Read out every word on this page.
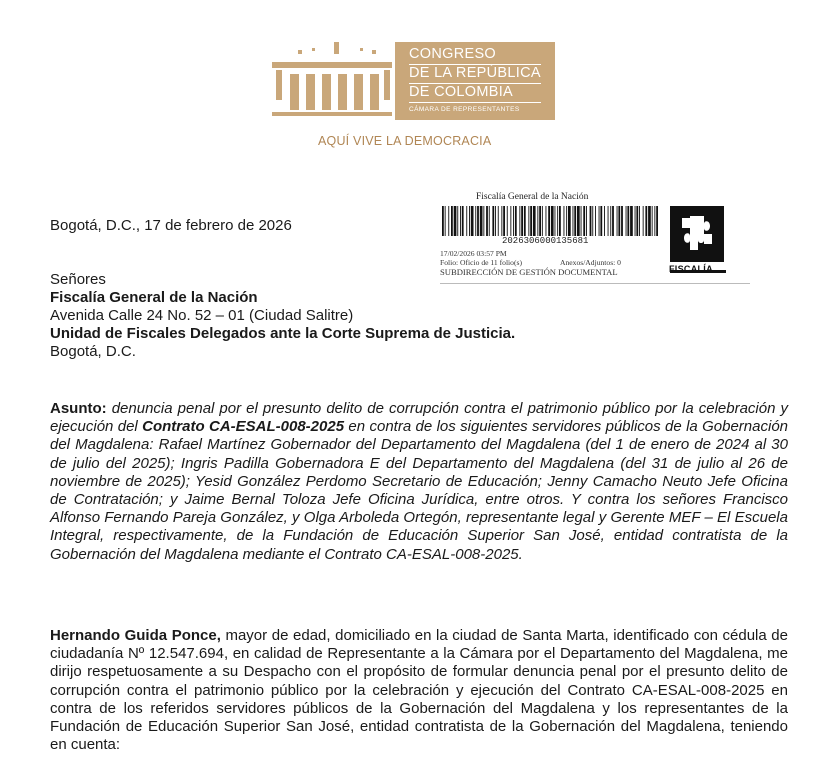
CONGRESO
DE LA REPÚBLICA
DE COLOMBIA
CÁMARA DE REPRESENTANTES
AQUÍ VIVE LA DEMOCRACIA
Bogotá, D.C., 17 de febrero de 2026
Fiscalía General de la Nación
20263060001356​81
17/02/2026 03:57 PM
Folio: Oficio de 11 folio(s)	Anexos/Adjuntos: 0
SUBDIRECCIÓN DE GESTIÓN DOCUMENTAL	FISCALÍA
Señores
Fiscalía General de la Nación
Avenida Calle 24 No. 52 – 01 (Ciudad Salitre)
Unidad de Fiscales Delegados ante la Corte Suprema de Justicia.
Bogotá, D.C.
Asunto: denuncia penal por el presunto delito de corrupción contra el patrimonio público por la celebración y ejecución del Contrato CA-ESAL-008-2025 en contra de los siguientes servidores públicos de la Gobernación del Magdalena: Rafael Martínez Gobernador del Departamento del Magdalena (del 1 de enero de 2024 al 30 de julio del 2025); Ingris Padilla Gobernadora E del Departamento del Magdalena (del 31 de julio al 26 de noviembre de 2025); Yesid González Perdomo Secretario de Educación; Jenny Camacho Neuto Jefe Oficina de Contratación; y Jaime Bernal Toloza Jefe Oficina Jurídica, entre otros. Y contra los señores Francisco Alfonso Fernando Pareja González, y Olga Arboleda Ortegón, representante legal y Gerente MEF – El Escuela Integral, respectivamente, de la Fundación de Educación Superior San José, entidad contratista de la Gobernación del Magdalena mediante el Contrato CA-ESAL-008-2025.
Hernando Guida Ponce, mayor de edad, domiciliado en la ciudad de Santa Marta, identificado con cédula de ciudadanía Nº 12.547.694, en calidad de Representante a la Cámara por el Departamento del Magdalena, me dirijo respetuosamente a su Despacho con el propósito de formular denuncia penal por el presunto delito de corrupción contra el patrimonio público por la celebración y ejecución del Contrato CA-ESAL-008-2025 en contra de los referidos servidores públicos de la Gobernación del Magdalena y los representantes de la Fundación de Educación Superior San José, entidad contratista de la Gobernación del Magdalena, teniendo en cuenta:
